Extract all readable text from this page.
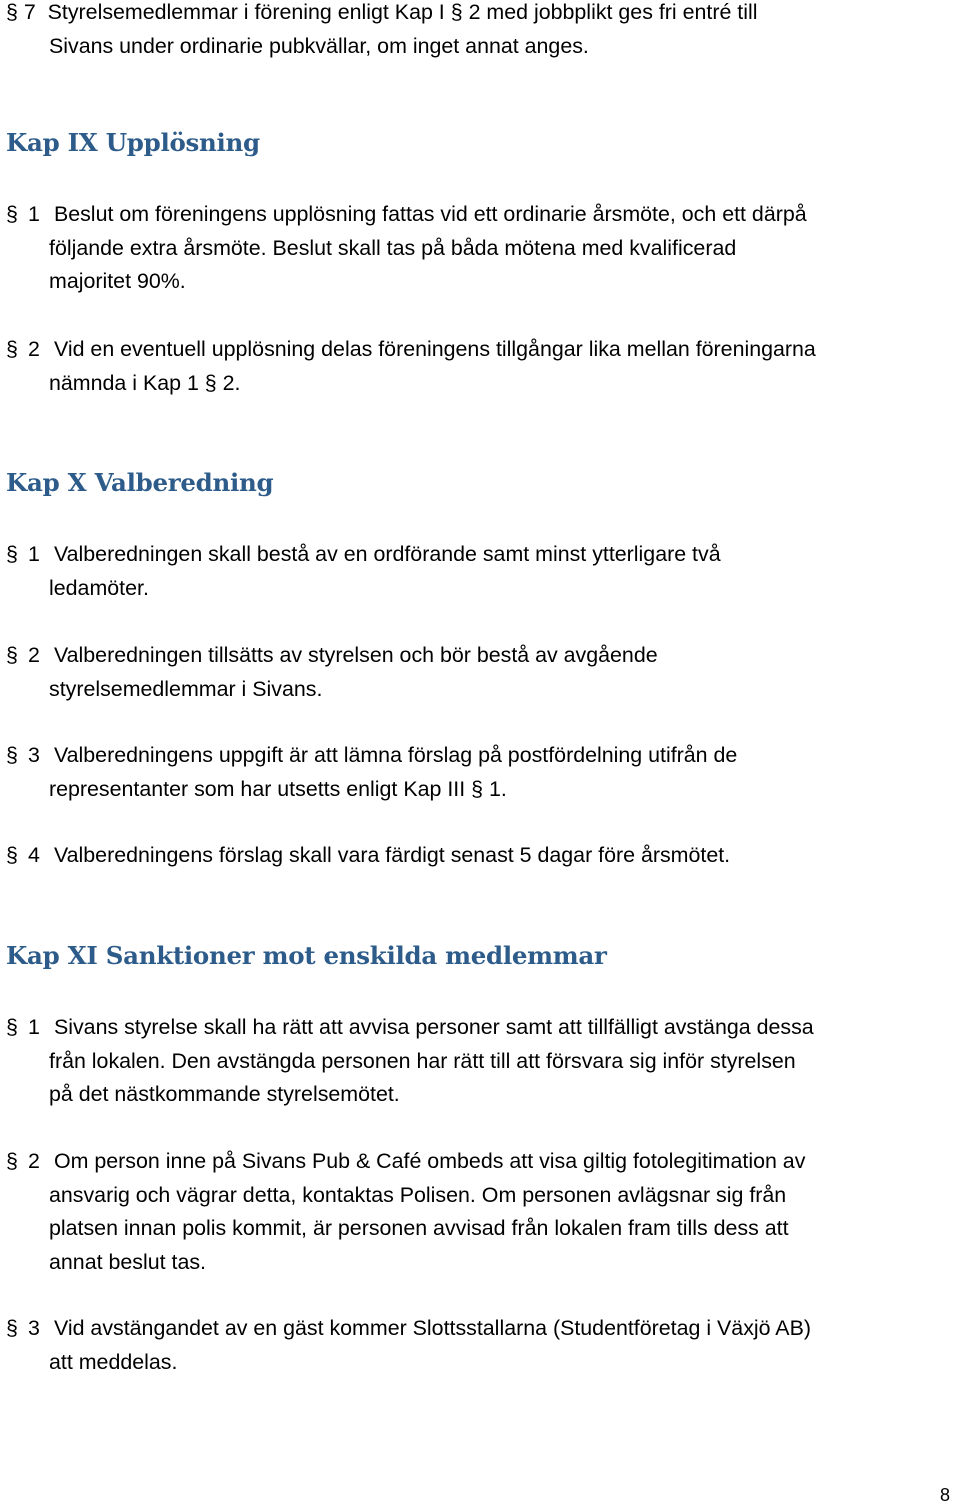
§ 7 Styrelsemedlemmar i förening enligt Kap I § 2 med jobbplikt ges fri entré till
Sivans under ordinarie pubkvällar, om inget annat anges.
Kap IX Upplösning
§ 1 Beslut om föreningens upplösning fattas vid ett ordinarie årsmöte, och ett därpå
följande extra årsmöte. Beslut skall tas på båda mötena med kvalificerad
majoritet 90%.
§ 2 Vid en eventuell upplösning delas föreningens tillgångar lika mellan föreningarna
nämnda i Kap 1 § 2.
Kap X Valberedning
§ 1 Valberedningen skall bestå av en ordförande samt minst ytterligare två
ledamöter.
§ 2 Valberedningen tillsätts av styrelsen och bör bestå av avgående
styrelsemedlemmar i Sivans.
§ 3 Valberedningens uppgift är att lämna förslag på postfördelning utifrån de
representanter som har utsetts enligt Kap III § 1.
§ 4 Valberedningens förslag skall vara färdigt senast 5 dagar före årsmötet.
Kap XI Sanktioner mot enskilda medlemmar
§ 1 Sivans styrelse skall ha rätt att avvisa personer samt att tillfälligt avstänga dessa
från lokalen. Den avstängda personen har rätt till att försvara sig inför styrelsen
på det nästkommande styrelsemötet.
§ 2 Om person inne på Sivans Pub & Café ombeds att visa giltig fotolegitimation av
ansvarig och vägrar detta, kontaktas Polisen. Om personen avlägsnar sig från
platsen innan polis kommit, är personen avvisad från lokalen fram tills dess att
annat beslut tas.
§ 3 Vid avstängandet av en gäst kommer Slottsstallarna (Studentföretag i Växjö AB)
att meddelas.
8
